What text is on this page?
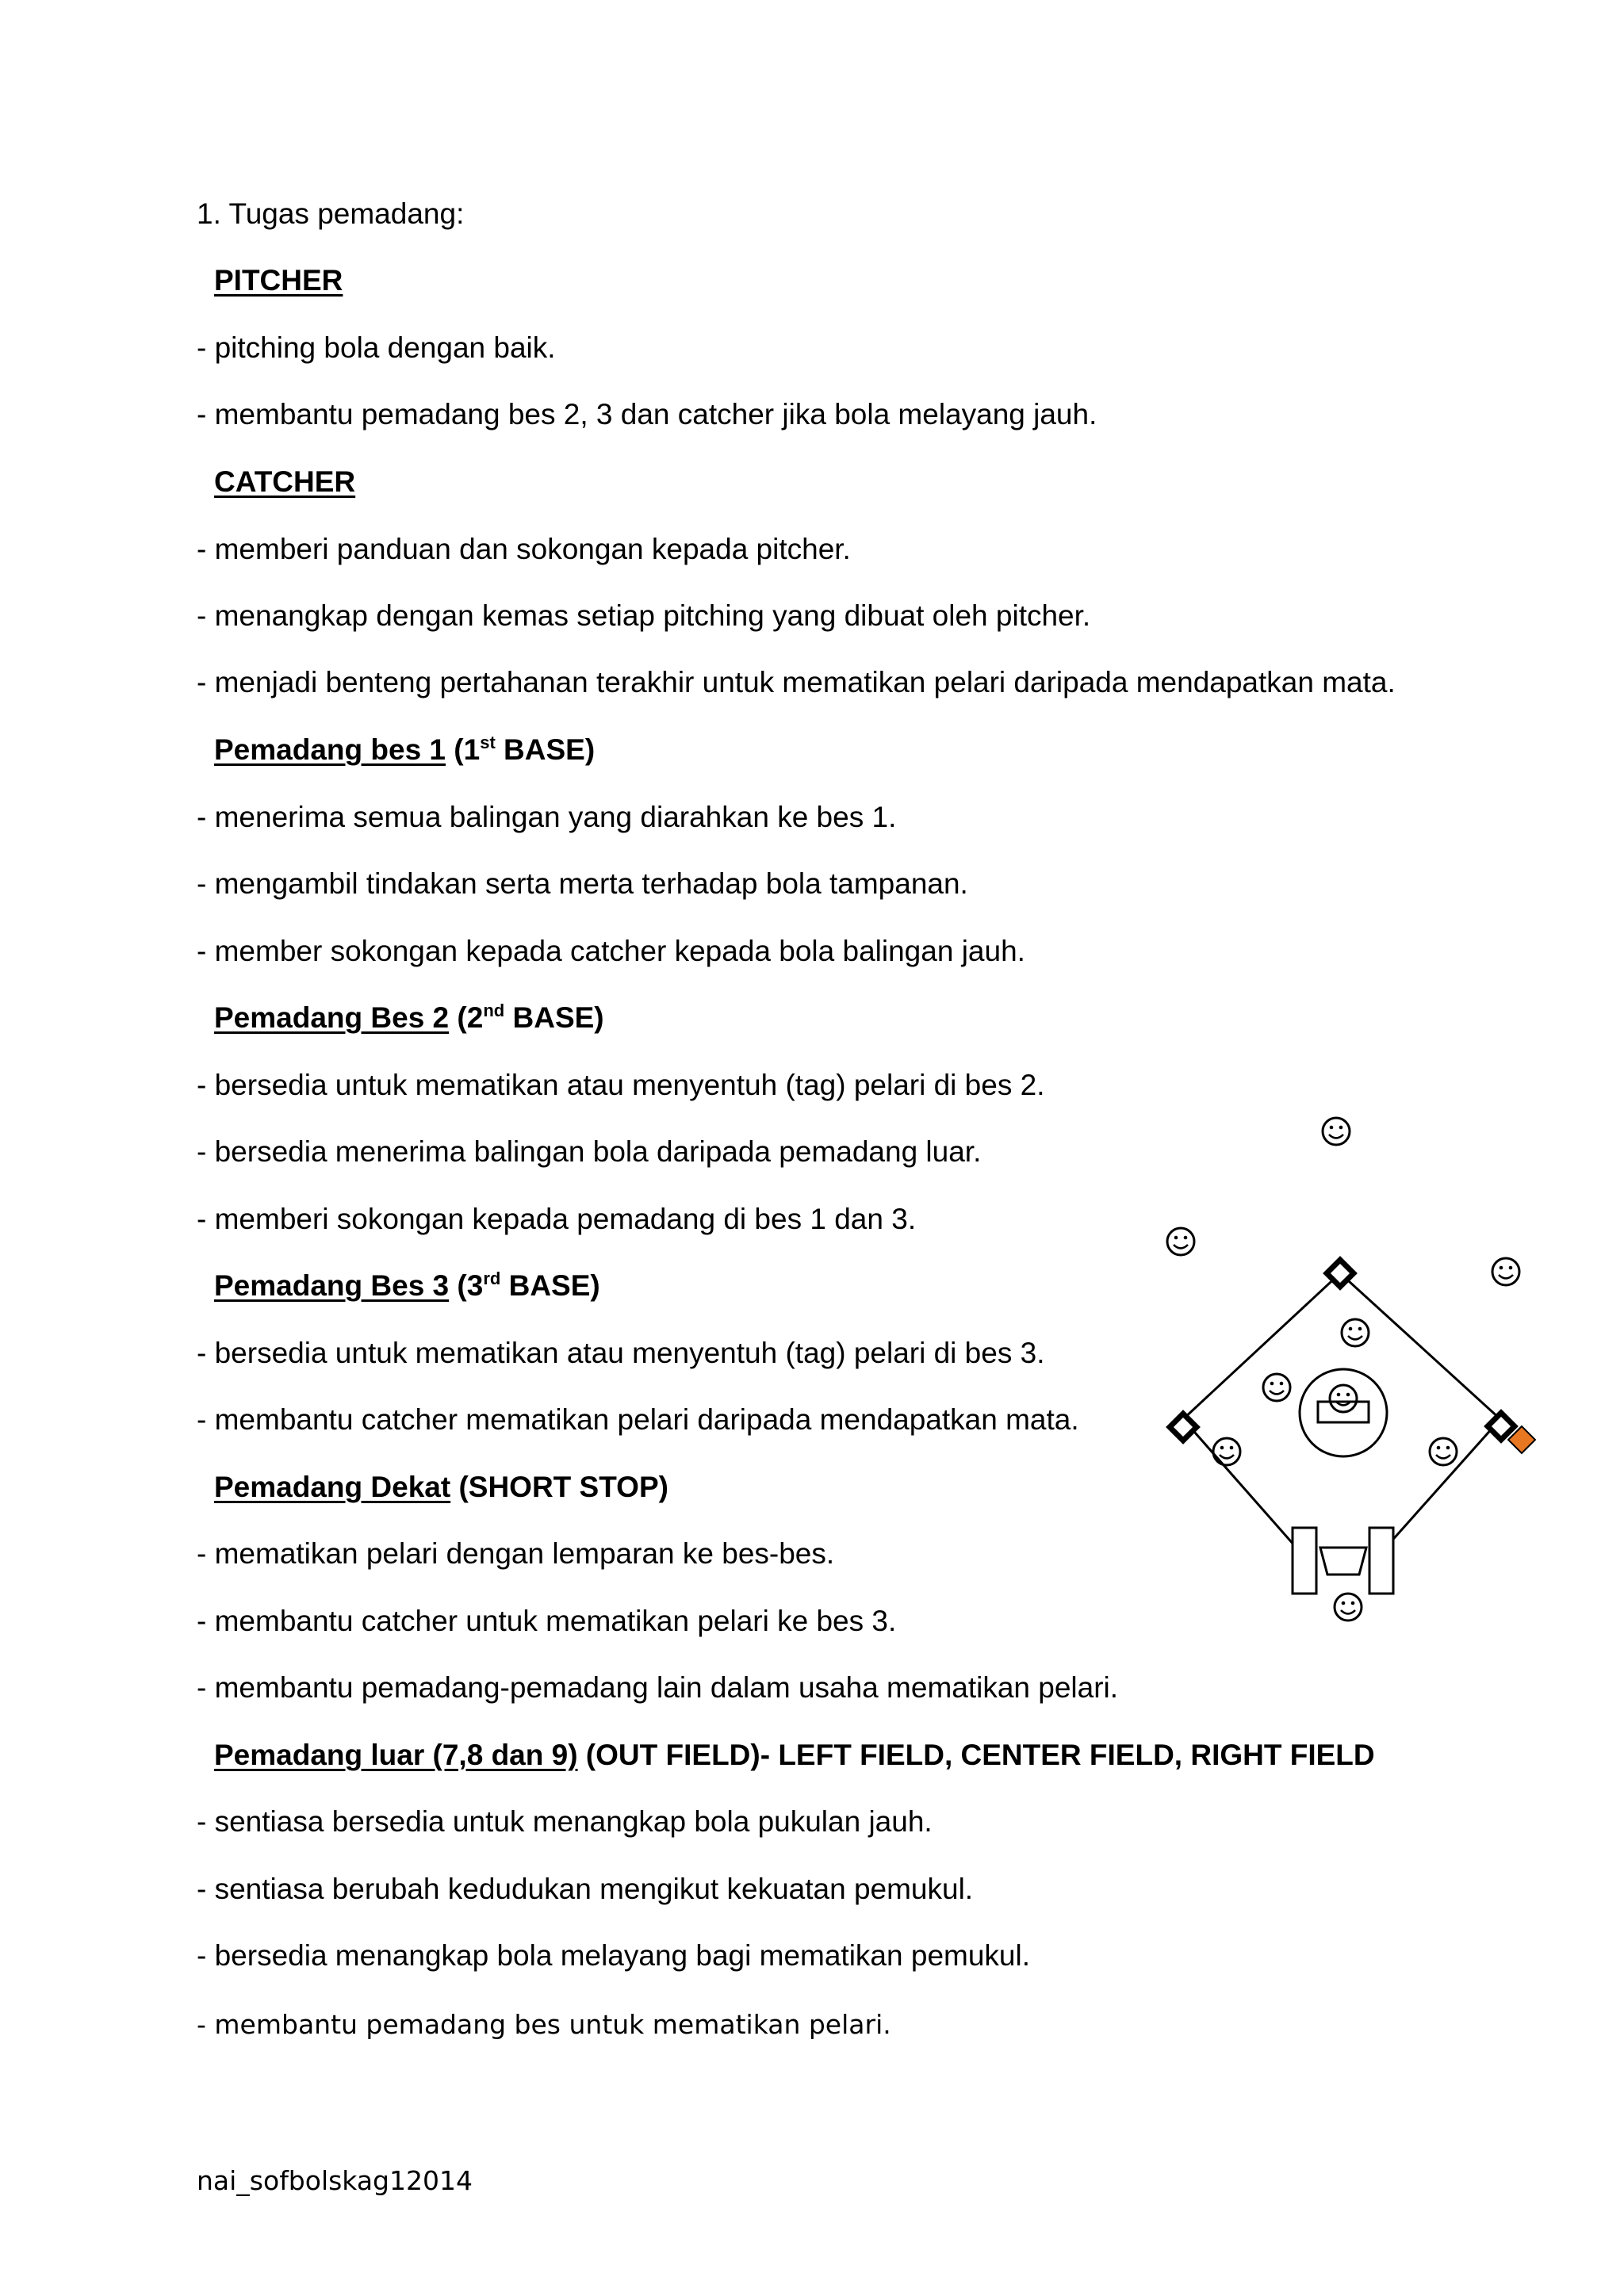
1. Tugas pemadang:
PITCHER
- pitching bola dengan baik.
- membantu pemadang bes 2, 3 dan catcher jika bola melayang jauh.
CATCHER
- memberi panduan dan sokongan kepada pitcher.
- menangkap dengan kemas setiap pitching yang dibuat oleh pitcher.
- menjadi benteng pertahanan terakhir untuk mematikan pelari daripada mendapatkan mata.
Pemadang bes 1 (1st BASE)
- menerima semua balingan yang diarahkan ke bes 1.
- mengambil tindakan serta merta terhadap bola tampanan.
- member sokongan kepada catcher kepada bola balingan jauh.
Pemadang Bes 2 (2nd BASE)
- bersedia untuk mematikan atau menyentuh (tag) pelari di bes 2.
- bersedia menerima balingan bola daripada pemadang luar.
- memberi sokongan kepada pemadang di bes 1 dan 3.
Pemadang Bes 3 (3rd BASE)
- bersedia untuk mematikan atau menyentuh (tag) pelari di bes 3.
- membantu catcher mematikan pelari daripada mendapatkan mata.
Pemadang Dekat (SHORT STOP)
- mematikan pelari dengan lemparan ke bes-bes.
- membantu catcher untuk mematikan pelari ke bes 3.
- membantu pemadang-pemadang lain dalam usaha mematikan pelari.
Pemadang luar (7,8 dan 9) (OUT FIELD)- LEFT FIELD, CENTER FIELD, RIGHT FIELD
- sentiasa bersedia untuk menangkap bola pukulan jauh.
- sentiasa berubah kedudukan mengikut kekuatan pemukul.
- bersedia menangkap bola melayang bagi mematikan pemukul.
- membantu pemadang bes untuk mematikan pelari.
nai_sofbolskag12014
